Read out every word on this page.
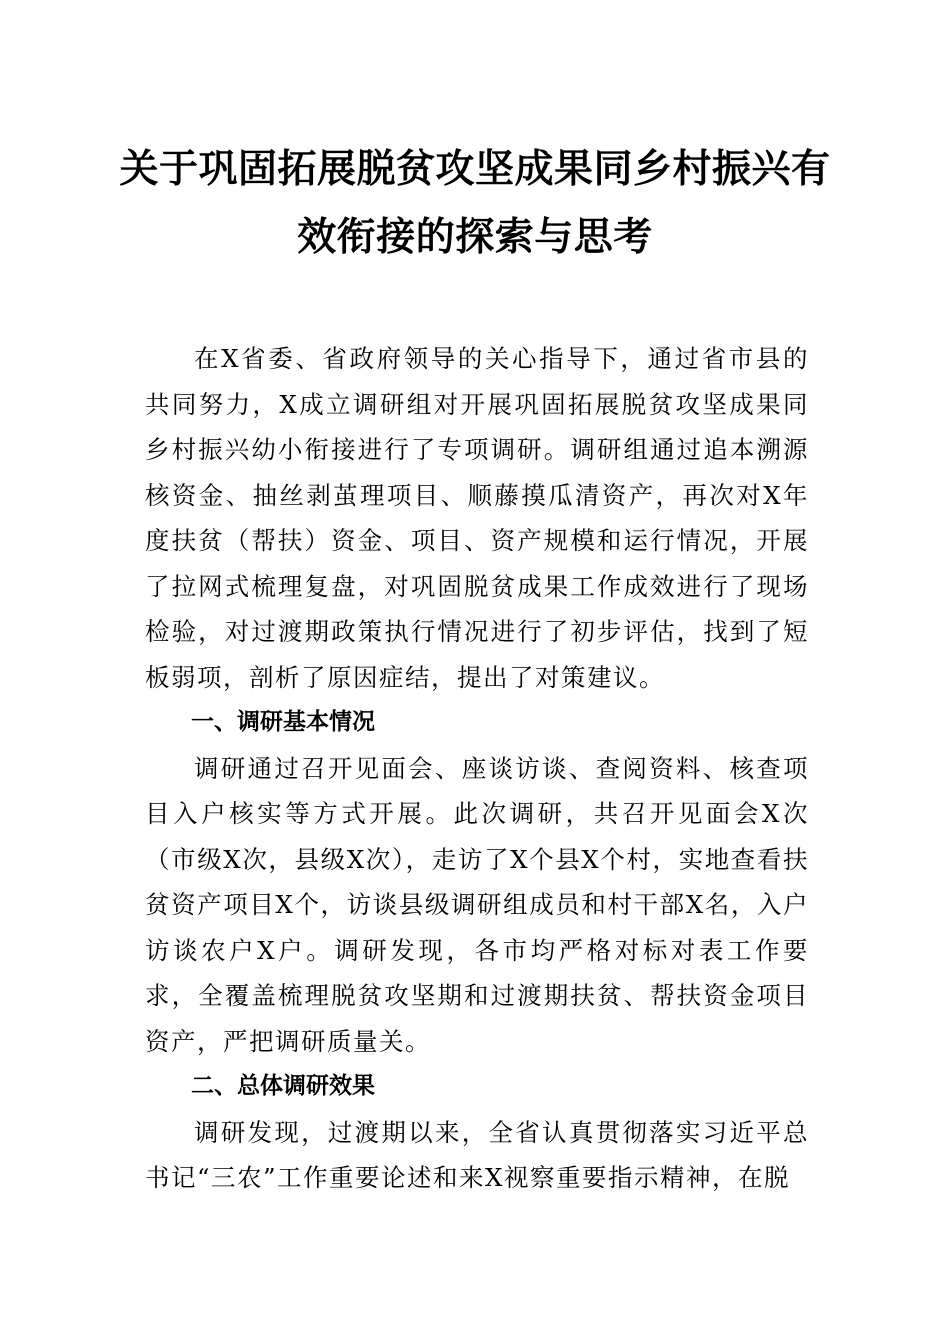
关于巩固拓展脱贫攻坚成果同乡村振兴有
效衔接的探索与思考

在X省委、省政府领导的关心指导下，通过省市县的共同努力，X成立调研组对开展巩固拓展脱贫攻坚成果同乡村振兴幼小衔接进行了专项调研。调研组通过追本溯源核资金、抽丝剥茧理项目、顺藤摸瓜清资产，再次对X年度扶贫（帮扶）资金、项目、资产规模和运行情况，开展了拉网式梳理复盘，对巩固脱贫成果工作成效进行了现场检验，对过渡期政策执行情况进行了初步评估，找到了短板弱项，剖析了原因症结，提出了对策建议。

一、调研基本情况

调研通过召开见面会、座谈访谈、查阅资料、核查项目入户核实等方式开展。此次调研，共召开见面会X次（市级X次，县级X次），走访了X个县X个村，实地查看扶贫资产项目X个，访谈县级调研组成员和村干部X名，入户访谈农户X户。调研发现，各市均严格对标对表工作要求，全覆盖梳理脱贫攻坚期和过渡期扶贫、帮扶资金项目资产，严把调研质量关。

二、总体调研效果

调研发现，过渡期以来，全省认真贯彻落实习近平总书记“三农”工作重要论述和来X视察重要指示精神，在脱
